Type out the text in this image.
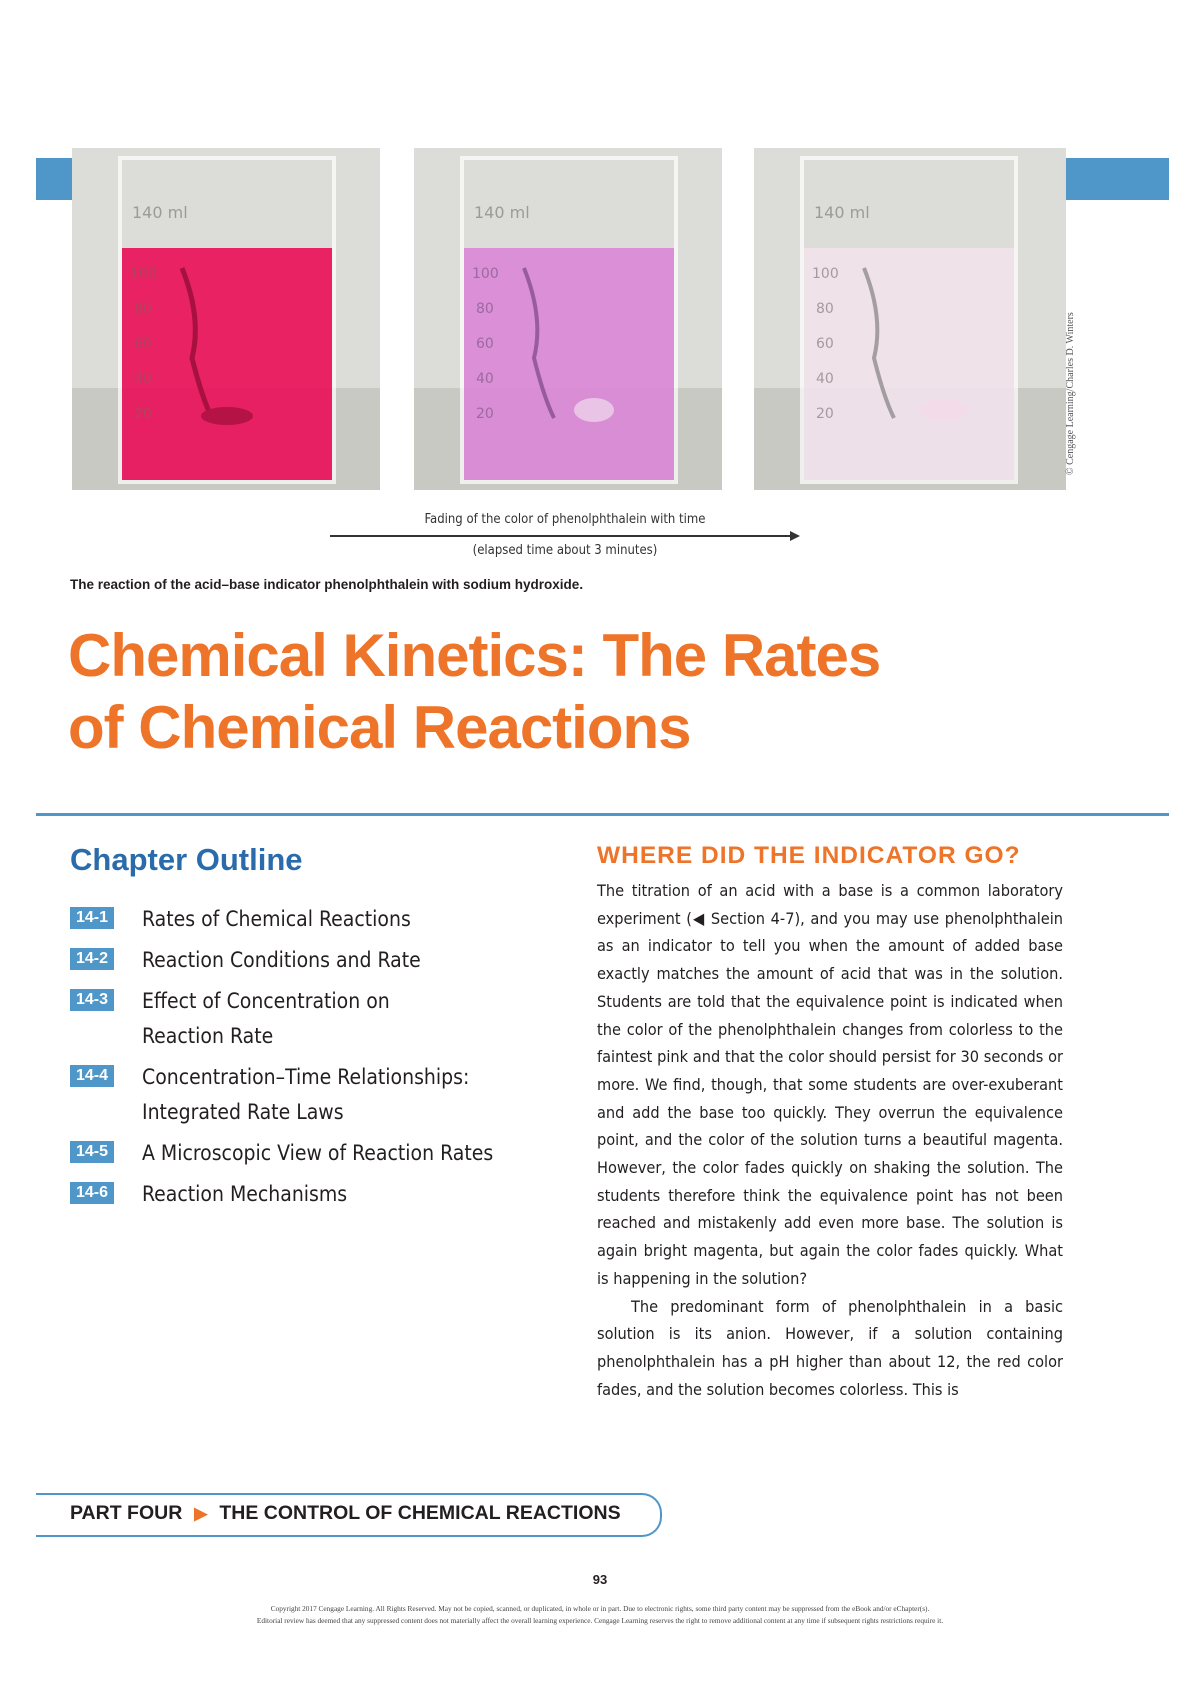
140 ml
100
80
60
40
20
140 ml
100
80
60
40
20
140 ml
100
80
60
40
20	© Cengage Learning/Charles D. Winters
Fading of the color of phenolphthalein with time
(elapsed time about 3 minutes)
The reaction of the acid–base indicator phenolphthalein with sodium hydroxide.
Chemical Kinetics: The Rates
of Chemical Reactions
Chapter Outline
14-1 Rates of Chemical Reactions
14-2 Reaction Conditions and Rate
14-3 Effect of Concentration on Reaction Rate
14-4 Concentration–Time Relationships: Integrated Rate Laws
14-5 A Microscopic View of Reaction Rates
14-6 Reaction Mechanisms
WHERE DID THE INDICATOR GO?

The titration of an acid with a base is a common laboratory experiment (◀ Section 4-7), and you may use phenolphthalein as an indicator to tell you when the amount of added base exactly matches the amount of acid that was in the solution. Students are told that the equivalence point is indicated when the color of the phenolphthalein changes from colorless to the faintest pink and that the color should persist for 30 seconds or more. We find, though, that some students are over-exuberant and add the base too quickly. They overrun the equivalence point, and the color of the solution turns a beautiful magenta. However, the color fades quickly on shaking the solution. The students therefore think the equivalence point has not been reached and mistakenly add even more base. The solution is again bright magenta, but again the color fades quickly. What is happening in the solution?

The predominant form of phenolphthalein in a basic solution is its anion. However, if a solution containing phenolphthalein has a pH higher than about 12, the red color fades, and the solution becomes colorless. This is

PART FOUR ▶ THE CONTROL OF CHEMICAL REACTIONS
93
Copyright 2017 Cengage Learning. All Rights Reserved. May not be copied, scanned, or duplicated, in whole or in part. Due to electronic rights, some third party content may be suppressed from the eBook and/or eChapter(s).
Editorial review has deemed that any suppressed content does not materially affect the overall learning experience. Cengage Learning reserves the right to remove additional content at any time if subsequent rights restrictions require it.
